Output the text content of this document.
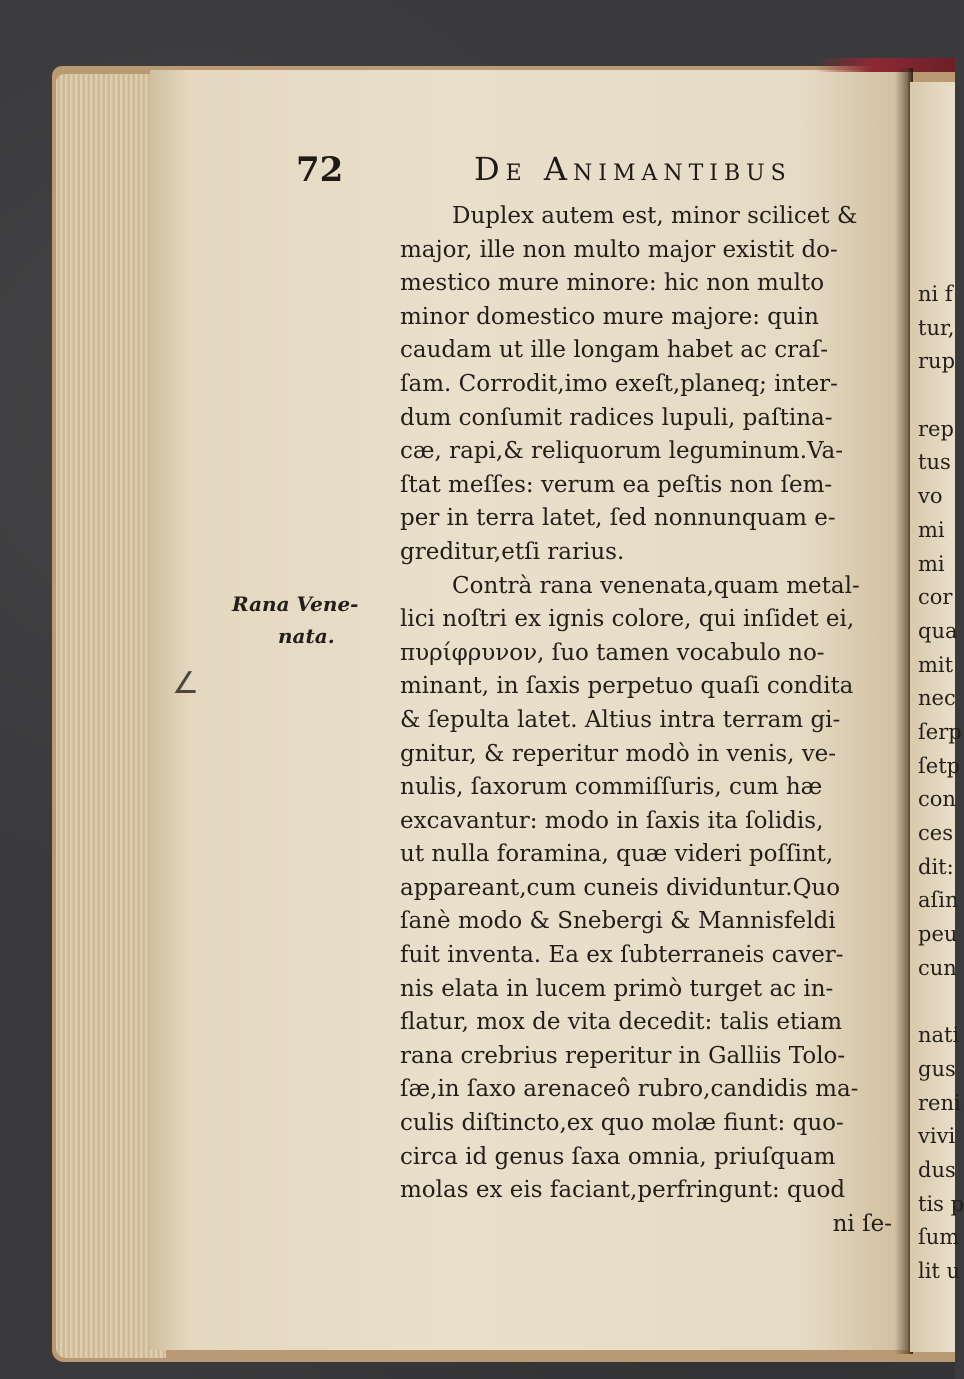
72	De Animantibus
Rana Vene-
nata.
∠
Duplex autem est, minor scilicet &
major, ille non multo major existit do-
mestico mure minore: hic non multo
minor domestico mure majore: quin
caudam ut ille longam habet ac craſ-
ſam. Corrodit,imo exeſt,planeq; inter-
dum conſumit radices lupuli, paſtina-
cæ, rapi,& reliquorum leguminum.Va-
ſtat meſſes: verum ea peſtis non ſem-
per in terra latet, ſed nonnunquam e-
greditur,etſi rarius.
Contrà rana venenata,quam metal-
lici noſtri ex ignis colore, qui inſidet ei,
πυρίφρυνον, ſuo tamen vocabulo no-
minant, in ſaxis perpetuo quaſi condita
& ſepulta latet. Altius intra terram gi-
gnitur, & reperitur modò in venis, ve-
nulis, ſaxorum commiſſuris, cum hæ
excavantur: modo in ſaxis ita ſolidis,
ut nulla foramina, quæ videri poſſint,
appareant,cum cuneis dividuntur.Quo
ſanè modo & Snebergi & Mannisfeldi
fuit inventa. Ea ex ſubterraneis caver-
nis elata in lucem primò turget ac in-
flatur, mox de vita decedit: talis etiam
rana crebrius reperitur in Galliis Tolo-
ſæ,in ſaxo arenaceô rubro,candidis ma-
culis diſtincto,ex quo molæ fiunt: quo-
circa id genus ſaxa omnia, priuſquam
molas ex eis faciant,perfringunt: quod
ni ſe-
ni f
tur,
rup
rep
tus
vo
mi
mi
cor
qua
mit
nec
ſerp
ſetp
con
ces
dit:
aſin
peu
cun
nati
gus
reni
vivi
dus
tis p
ſum
lit u
